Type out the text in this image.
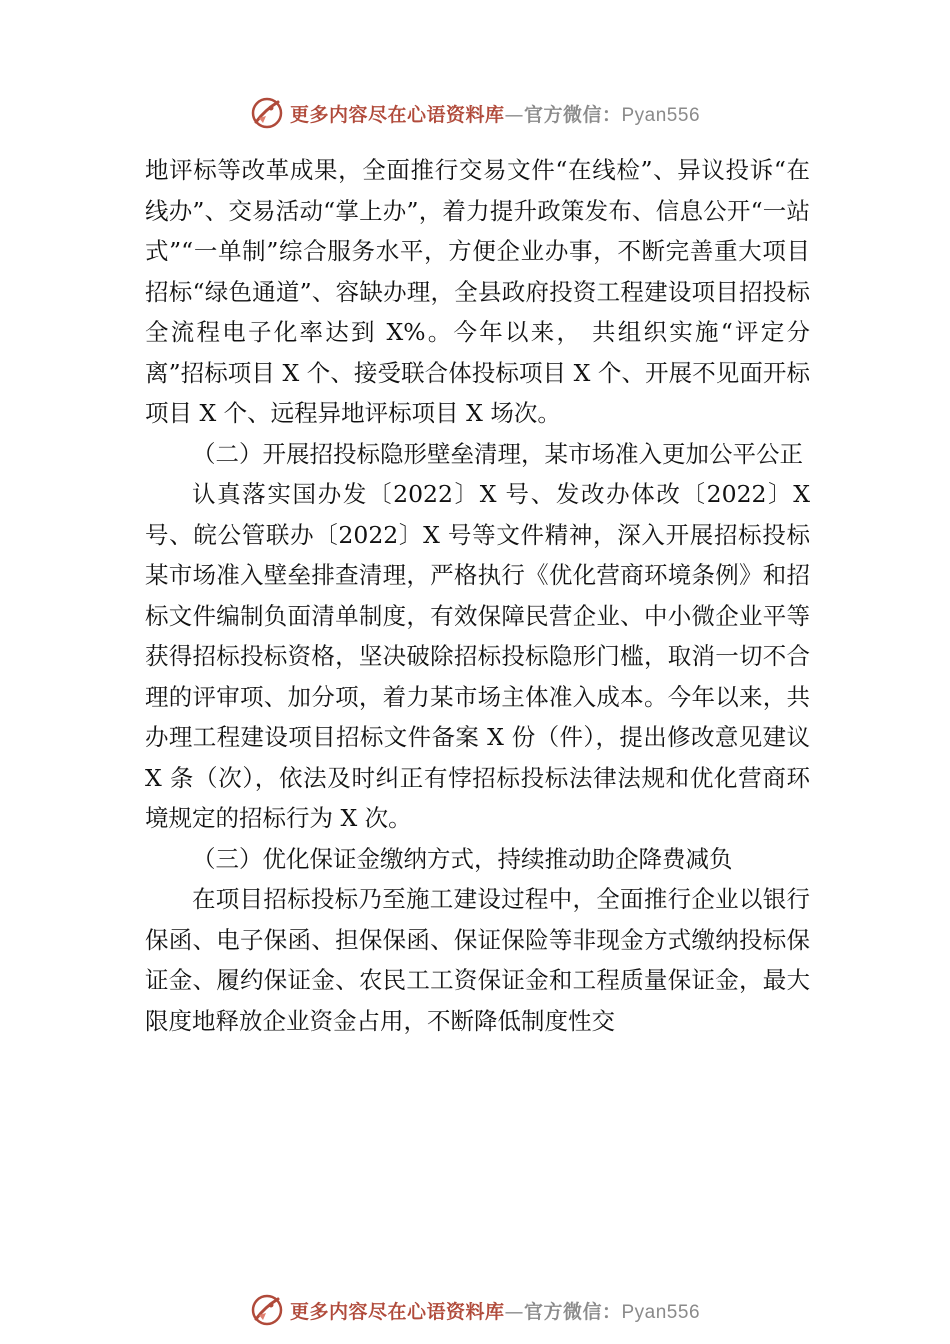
更多内容尽在心语资料库—官方微信：Pyan556

地评标等改革成果，全面推行交易文件“在线检”、异议投诉“在线办”、交易活动“掌上办”，着力提升政策发布、信息公开“一站式”“一单制”综合服务水平，方便企业办事，不断完善重大项目招标“绿色通道”、容缺办理，全县政府投资工程建设项目招投标全流程电子化率达到 X%。今年以来， 共组织实施“评定分离”招标项目 X 个、接受联合体投标项目 X 个、开展不见面开标项目 X 个、远程异地评标项目 X 场次。

（二）开展招投标隐形壁垒清理，某市场准入更加公平公正

认真落实国办发〔2022〕X 号、发改办体改〔2022〕X 号、皖公管联办〔2022〕X 号等文件精神，深入开展招标投标某市场准入壁垒排查清理，严格执行《优化营商环境条例》和招标文件编制负面清单制度，有效保障民营企业、中小微企业平等获得招标投标资格，坚决破除招标投标隐形门槛，取消一切不合理的评审项、加分项，着力某市场主体准入成本。今年以来，共办理工程建设项目招标文件备案 X 份（件），提出修改意见建议 X 条（次），依法及时纠正有悖招标投标法律法规和优化营商环境规定的招标行为 X 次。

（三）优化保证金缴纳方式，持续推动助企降费减负

在项目招标投标乃至施工建设过程中，全面推行企业以银行保函、电子保函、担保保函、保证保险等非现金方式缴纳投标保证金、履约保证金、农民工工资保证金和工程质量保证金，最大限度地释放企业资金占用，不断降低制度性交

更多内容尽在心语资料库—官方微信：Pyan556
